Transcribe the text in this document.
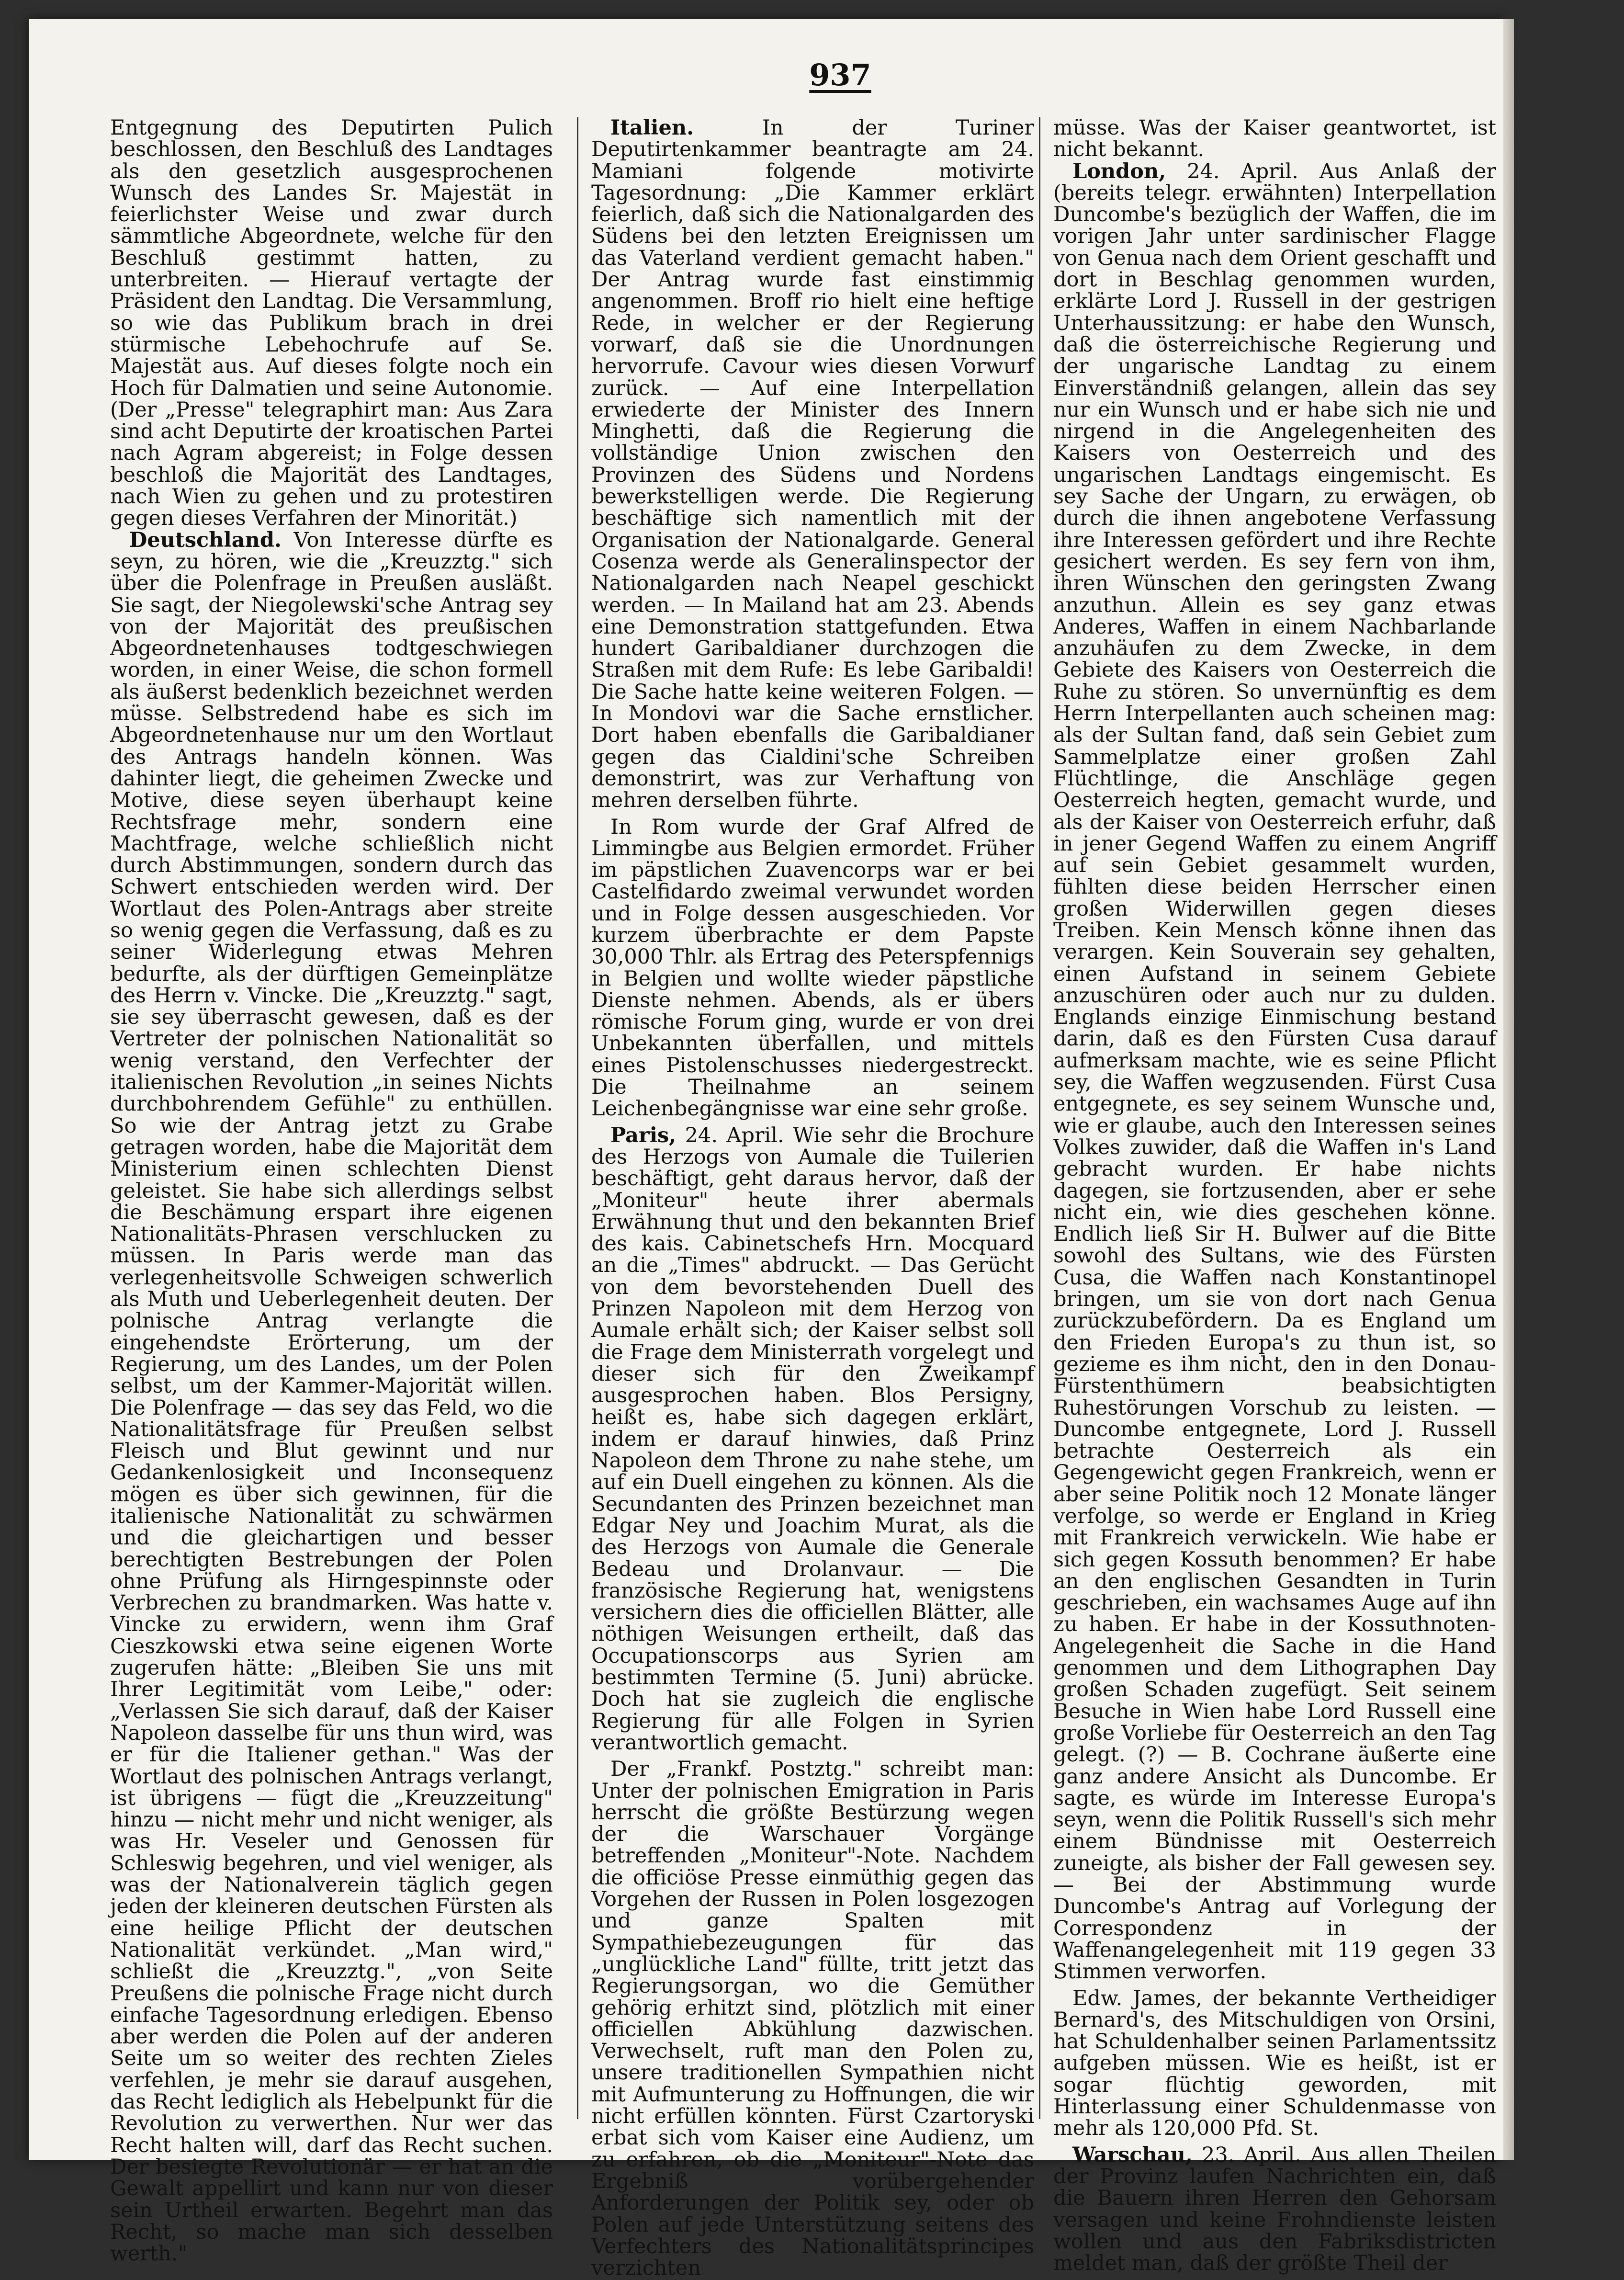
937

Entgegnung des Deputirten Pulich beschlossen, den Beschluß des Landtages als den gesetzlich ausgesprochenen Wunsch des Landes Sr. Majestät in feierlichster Weise und zwar durch sämmtliche Abgeordnete, welche für den Beschluß gestimmt hatten, zu unterbreiten. — Hierauf vertagte der Präsident den Landtag. Die Versammlung, so wie das Publikum brach in drei stürmische Lebehochrufe auf Se. Majestät aus. Auf dieses folgte noch ein Hoch für Dalmatien und seine Autonomie. (Der „Presse" telegraphirt man: Aus Zara sind acht Deputirte der kroatischen Partei nach Agram abgereist; in Folge dessen beschloß die Majorität des Landtages, nach Wien zu gehen und zu protestiren gegen dieses Verfahren der Minorität.)

Deutschland. Von Interesse dürfte es seyn, zu hören, wie die „Kreuzztg." sich über die Polenfrage in Preußen ausläßt. Sie sagt, der Niegolewski'sche Antrag sey von der Majorität des preußischen Abgeordnetenhauses todtgeschwiegen worden, in einer Weise, die schon formell als äußerst bedenklich bezeichnet werden müsse. Selbstredend habe es sich im Abgeordnetenhause nur um den Wortlaut des Antrags handeln können. Was dahinter liegt, die geheimen Zwecke und Motive, diese seyen überhaupt keine Rechtsfrage mehr, sondern eine Machtfrage, welche schließlich nicht durch Abstimmungen, sondern durch das Schwert entschieden werden wird. Der Wortlaut des Polen-Antrags aber streite so wenig gegen die Verfassung, daß es zu seiner Widerlegung etwas Mehren bedurfte, als der dürftigen Gemeinplätze des Herrn v. Vincke. Die „Kreuzztg." sagt, sie sey überrascht gewesen, daß es der Vertreter der polnischen Nationalität so wenig verstand, den Verfechter der italienischen Revolution „in seines Nichts durchbohrendem Gefühle" zu enthüllen. So wie der Antrag jetzt zu Grabe getragen worden, habe die Majorität dem Ministerium einen schlechten Dienst geleistet. Sie habe sich allerdings selbst die Beschämung erspart ihre eigenen Nationalitäts-Phrasen verschlucken zu müssen. In Paris werde man das verlegenheitsvolle Schweigen schwerlich als Muth und Ueberlegenheit deuten. Der polnische Antrag verlangte die eingehendste Erörterung, um der Regierung, um des Landes, um der Polen selbst, um der Kammer-Majorität willen. Die Polenfrage — das sey das Feld, wo die Nationalitätsfrage für Preußen selbst Fleisch und Blut gewinnt und nur Gedankenlosigkeit und Inconsequenz mögen es über sich gewinnen, für die italienische Nationalität zu schwärmen und die gleichartigen und besser berechtigten Bestrebungen der Polen ohne Prüfung als Hirngespinnste oder Verbrechen zu brandmarken. Was hatte v. Vincke zu erwidern, wenn ihm Graf Cieszkowski etwa seine eigenen Worte zugerufen hätte: „Bleiben Sie uns mit Ihrer Legitimität vom Leibe," oder: „Verlassen Sie sich darauf, daß der Kaiser Napoleon dasselbe für uns thun wird, was er für die Italiener gethan." Was der Wortlaut des polnischen Antrags verlangt, ist übrigens — fügt die „Kreuzzeitung" hinzu — nicht mehr und nicht weniger, als was Hr. Veseler und Genossen für Schleswig begehren, und viel weniger, als was der Nationalverein täglich gegen jeden der kleineren deutschen Fürsten als eine heilige Pflicht der deutschen Nationalität verkündet. „Man wird," schließt die „Kreuzztg.", „von Seite Preußens die polnische Frage nicht durch einfache Tagesordnung erledigen. Ebenso aber werden die Polen auf der anderen Seite um so weiter des rechten Zieles verfehlen, je mehr sie darauf ausgehen, das Recht lediglich als Hebelpunkt für die Revolution zu verwerthen. Nur wer das Recht halten will, darf das Recht suchen. Der besiegte Revolutionär — er hat an die Gewalt appellirt und kann nur von dieser sein Urtheil erwarten. Begehrt man das Recht, so mache man sich desselben werth."

Italien.	In der Turiner Deputirtenkammer beantragte am 24. Mamiani folgende motivirte Tagesordnung: „Die Kammer erklärt feierlich, daß sich die Nationalgarden des Südens bei den letzten Ereignissen um das Vaterland verdient gemacht haben." Der Antrag wurde fast einstimmig angenommen. Broff rio hielt eine heftige Rede, in welcher er der Regierung vorwarf, daß sie die Unordnungen hervorrufe. Cavour wies diesen Vorwurf zurück. — Auf eine Interpellation erwiederte der Minister des Innern Minghetti, daß die Regierung die vollständige Union zwischen den Provinzen des Südens und Nordens bewerkstelligen werde. Die Regierung beschäftige sich namentlich mit der Organisation der Nationalgarde. General Cosenza werde als Generalinspector der Nationalgarden nach Neapel geschickt werden. — In Mailand hat am 23. Abends eine Demonstration stattgefunden. Etwa hundert Garibaldianer durchzogen die Straßen mit dem Rufe: Es lebe Garibaldi! Die Sache hatte keine weiteren Folgen. — In Mondovi war die Sache ernstlicher. Dort haben ebenfalls die Garibaldianer gegen das Cialdini'sche Schreiben demonstrirt, was zur Verhaftung von mehren derselben führte.

In Rom wurde der Graf Alfred de Limmingbe aus Belgien ermordet. Früher im päpstlichen Zuavencorps war er bei Castelfidardo zweimal verwundet worden und in Folge dessen ausgeschieden. Vor kurzem überbrachte er dem Papste 30,000 Thlr. als Ertrag des Peterspfennigs in Belgien und wollte wieder päpstliche Dienste nehmen. Abends, als er übers römische Forum ging, wurde er von drei Unbekannten überfallen, und mittels eines Pistolenschusses niedergestreckt. Die Theilnahme an seinem Leichenbegängnisse war eine sehr große.

Paris, 24. April. Wie sehr die Brochure des Herzogs von Aumale die Tuilerien beschäftigt, geht daraus hervor, daß der „Moniteur" heute ihrer abermals Erwähnung thut und den bekannten Brief des kais. Cabinetschefs Hrn. Mocquard an die „Times" abdruckt. — Das Gerücht von dem bevorstehenden Duell des Prinzen Napoleon mit dem Herzog von Aumale erhält sich; der Kaiser selbst soll die Frage dem Ministerrath vorgelegt und dieser sich für den Zweikampf ausgesprochen haben. Blos Persigny, heißt es, habe sich dagegen erklärt, indem er darauf hinwies, daß Prinz Napoleon dem Throne zu nahe stehe, um auf ein Duell eingehen zu können. Als die Secundanten des Prinzen bezeichnet man Edgar Ney und Joachim Murat, als die des Herzogs von Aumale die Generale Bedeau und Drolanvaur. — Die französische Regierung hat, wenigstens versichern dies die officiellen Blätter, alle nöthigen Weisungen ertheilt, daß das Occupationscorps aus Syrien am bestimmten Termine (5. Juni) abrücke. Doch hat sie zugleich die englische Regierung für alle Folgen in Syrien verantwortlich gemacht.

Der „Frankf. Postztg." schreibt man: Unter der polnischen Emigration in Paris herrscht die größte Bestürzung wegen der die Warschauer Vorgänge betreffenden „Moniteur"-Note. Nachdem die officiöse Presse einmüthig gegen das Vorgehen der Russen in Polen losgezogen und ganze Spalten mit Sympathiebezeugungen für das „unglückliche Land" füllte, tritt jetzt das Regierungsorgan, wo die Gemüther gehörig erhitzt sind, plötzlich mit einer officiellen Abkühlung dazwischen. Verwechselt, ruft man den Polen zu, unsere traditionellen Sympathien nicht mit Aufmunterung zu Hoffnungen, die wir nicht erfüllen könnten. Fürst Czartoryski erbat sich vom Kaiser eine Audienz, um zu erfahren, ob die „Moniteur"-Note das Ergebniß vorübergehender Anforderungen der Politik sey, oder ob Polen auf jede Unterstützung seitens des Verfechters des Nationalitätsprincipes verzichten

müsse. Was der Kaiser geantwortet, ist nicht bekannt.

London, 24. April. Aus Anlaß der (bereits telegr. erwähnten) Interpellation Duncombe's bezüglich der Waffen, die im vorigen Jahr unter sardinischer Flagge von Genua nach dem Orient geschafft und dort in Beschlag genommen wurden, erklärte Lord J. Russell in der gestrigen Unterhaussitzung: er habe den Wunsch, daß die österreichische Regierung und der ungarische Landtag zu einem Einverständniß gelangen, allein das sey nur ein Wunsch und er habe sich nie und nirgend in die Angelegenheiten des Kaisers von Oesterreich und des ungarischen Landtags eingemischt. Es sey Sache der Ungarn, zu erwägen, ob durch die ihnen angebotene Verfassung ihre Interessen gefördert und ihre Rechte gesichert werden. Es sey fern von ihm, ihren Wünschen den geringsten Zwang anzuthun. Allein es sey ganz etwas Anderes, Waffen in einem Nachbarlande anzuhäufen zu dem Zwecke, in dem Gebiete des Kaisers von Oesterreich die Ruhe zu stören. So unvernünftig es dem Herrn Interpellanten auch scheinen mag: als der Sultan fand, daß sein Gebiet zum Sammelplatze einer großen Zahl Flüchtlinge, die Anschläge gegen Oesterreich hegten, gemacht wurde, und als der Kaiser von Oesterreich erfuhr, daß in jener Gegend Waffen zu einem Angriff auf sein Gebiet gesammelt wurden, fühlten diese beiden Herrscher einen großen Widerwillen gegen dieses Treiben. Kein Mensch könne ihnen das verargen. Kein Souverain sey gehalten, einen Aufstand in seinem Gebiete anzuschüren oder auch nur zu dulden. Englands einzige Einmischung bestand darin, daß es den Fürsten Cusa darauf aufmerksam machte, wie es seine Pflicht sey, die Waffen wegzusenden. Fürst Cusa entgegnete, es sey seinem Wunsche und, wie er glaube, auch den Interessen seines Volkes zuwider, daß die Waffen in's Land gebracht wurden. Er habe nichts dagegen, sie fortzusenden, aber er sehe nicht ein, wie dies geschehen könne. Endlich ließ Sir H. Bulwer auf die Bitte sowohl des Sultans, wie des Fürsten Cusa, die Waffen nach Konstantinopel bringen, um sie von dort nach Genua zurückzubefördern. Da es England um den Frieden Europa's zu thun ist, so gezieme es ihm nicht, den in den Donau-Fürstenthümern beabsichtigten Ruhestörungen Vorschub zu leisten. — Duncombe entgegnete, Lord J. Russell betrachte Oesterreich als ein Gegengewicht gegen Frankreich, wenn er aber seine Politik noch 12 Monate länger verfolge, so werde er England in Krieg mit Frankreich verwickeln. Wie habe er sich gegen Kossuth benommen? Er habe an den englischen Gesandten in Turin geschrieben, ein wachsames Auge auf ihn zu haben. Er habe in der Kossuthnoten-Angelegenheit die Sache in die Hand genommen und dem Lithographen Day großen Schaden zugefügt. Seit seinem Besuche in Wien habe Lord Russell eine große Vorliebe für Oesterreich an den Tag gelegt. (?) — B. Cochrane äußerte eine ganz andere Ansicht als Duncombe. Er sagte, es würde im Interesse Europa's seyn, wenn die Politik Russell's sich mehr einem Bündnisse mit Oesterreich zuneigte, als bisher der Fall gewesen sey. — Bei der Abstimmung wurde Duncombe's Antrag auf Vorlegung der Correspondenz in der Waffenangelegenheit mit 119 gegen 33 Stimmen verworfen.

Edw. James, der bekannte Vertheidiger Bernard's, des Mitschuldigen von Orsini, hat Schuldenhalber seinen Parlamentssitz aufgeben müssen. Wie es heißt, ist er sogar flüchtig geworden, mit Hinterlassung einer Schuldenmasse von mehr als 120,000 Pfd. St.

Warschau, 23. April. Aus allen Theilen der Provinz laufen Nachrichten ein, daß die Bauern ihren Herren den Gehorsam versagen und keine Frohndienste leisten wollen und aus den Fabriksdistricten meldet man, daß der größte Theil der
